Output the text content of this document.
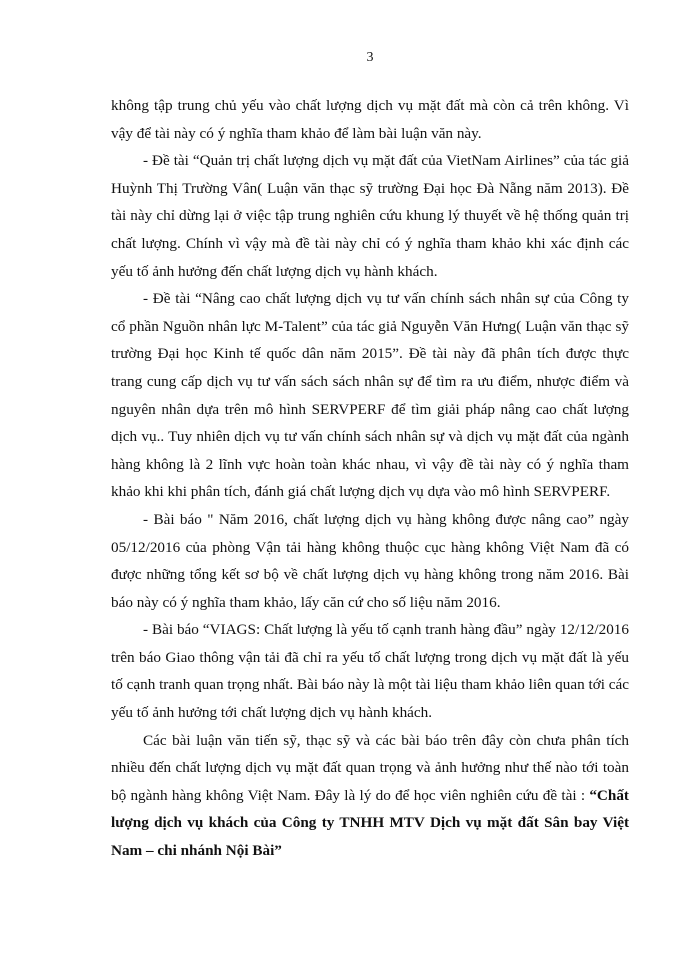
3

không tập trung chủ yếu vào chất lượng dịch vụ mặt đất mà còn cả trên không. Vì vậy để tài này có ý nghĩa tham khảo để làm bài luận văn này.

- Đề tài “Quản trị chất lượng dịch vụ mặt đất của VietNam Airlines” của tác giả Huỳnh Thị Trường Vân( Luận văn thạc sỹ trường Đại học Đà Nẵng năm 2013). Đề tài này chỉ dừng lại ở việc tập trung nghiên cứu khung lý thuyết về hệ thống quản trị chất lượng. Chính vì vậy mà đề tài này chỉ có ý nghĩa tham khảo khi xác định các yếu tố ảnh hưởng đến chất lượng dịch vụ hành khách.

- Đề tài “Nâng cao chất lượng dịch vụ tư vấn chính sách nhân sự của Công ty cổ phần Nguồn nhân lực M-Talent” của tác giả Nguyễn Văn Hưng( Luận văn thạc sỹ trường Đại học Kinh tế quốc dân năm 2015”. Đề tài này đã phân tích được thực trang cung cấp dịch vụ tư vấn sách sách nhân sự để tìm ra ưu điểm, nhược điểm và nguyên nhân dựa trên mô hình SERVPERF để tìm giải pháp nâng cao chất lượng dịch vụ.. Tuy nhiên dịch vụ tư vấn chính sách nhân sự và dịch vụ mặt đất của ngành hàng không là 2 lĩnh vực hoàn toàn khác nhau, vì vậy đề tài này có ý nghĩa tham khảo khi khi phân tích, đánh giá chất lượng dịch vụ dựa vào mô hình SERVPERF.

- Bài báo " Năm 2016, chất lượng dịch vụ hàng không được nâng cao” ngày 05/12/2016 của phòng Vận tải hàng không thuộc cục hàng không Việt Nam đã có được những tổng kết sơ bộ về chất lượng dịch vụ hàng không trong năm 2016. Bài báo này có ý nghĩa tham khảo, lấy căn cứ cho số liệu năm 2016.

- Bài báo “VIAGS: Chất lượng là yếu tố cạnh tranh hàng đầu” ngày 12/12/2016 trên báo Giao thông vận tải đã chỉ ra yếu tố chất lượng trong dịch vụ mặt đất là yếu tố cạnh tranh quan trọng nhất. Bài báo này là một tài liệu tham khảo liên quan tới các yếu tố ảnh hưởng tới chất lượng dịch vụ hành khách.

Các bài luận văn tiến sỹ, thạc sỹ và các bài báo trên đây còn chưa phân tích nhiều đến chất lượng dịch vụ mặt đất quan trọng và ảnh hưởng như thế nào tới toàn bộ ngành hàng không Việt Nam. Đây là lý do để học viên nghiên cứu đề tài : “Chất lượng dịch vụ khách của Công ty TNHH MTV Dịch vụ mặt đất Sân bay Việt Nam – chi nhánh Nội Bài”
